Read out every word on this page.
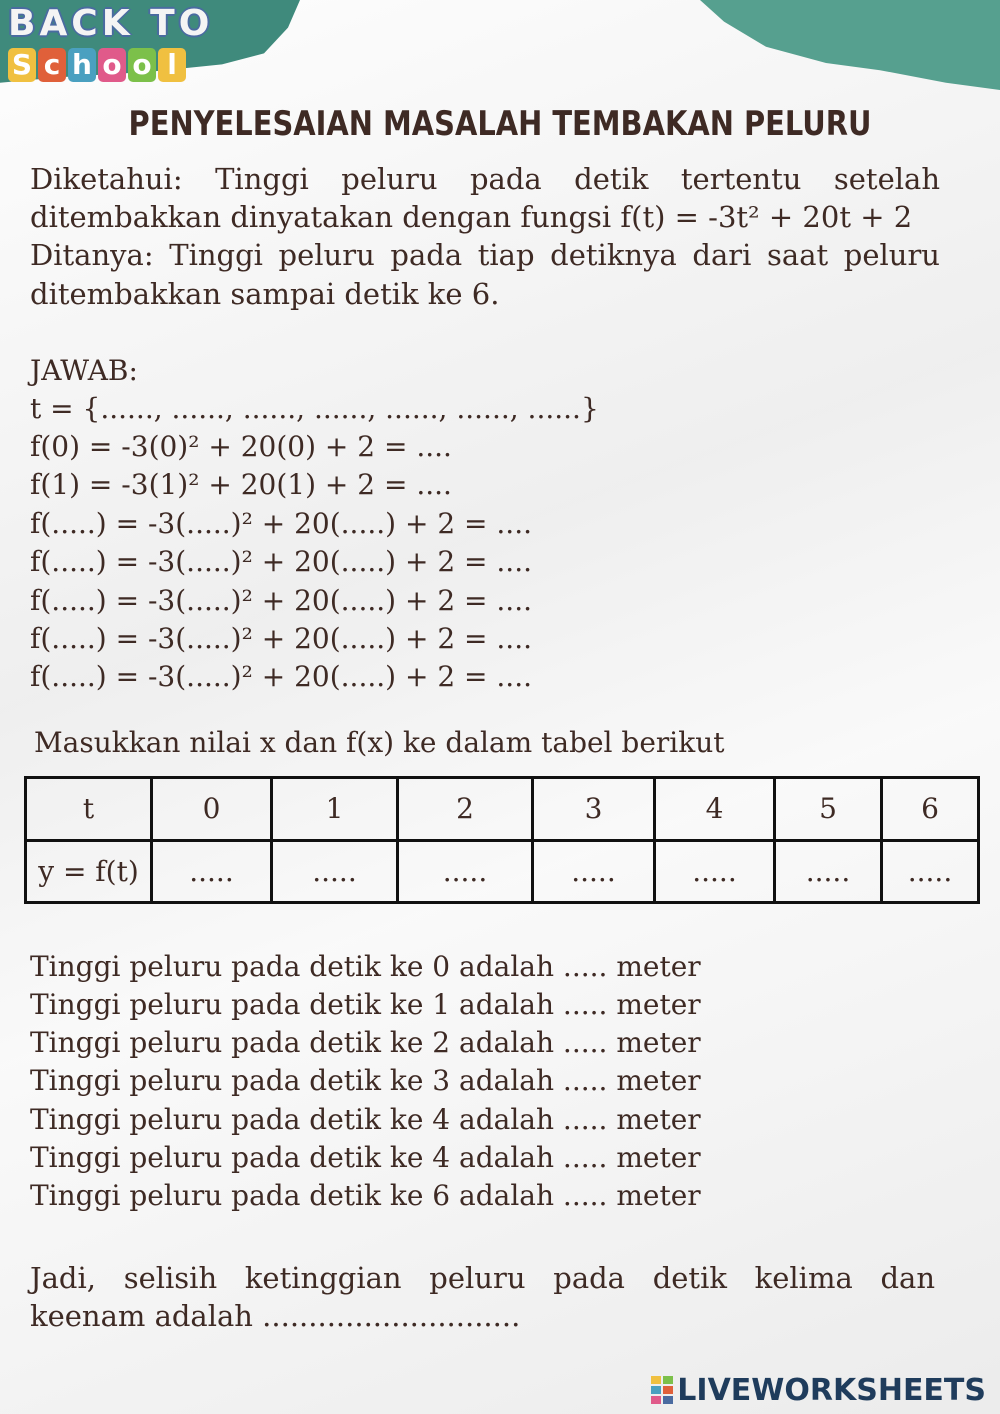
BACK TO
S c h o o l
PENYELESAIAN MASALAH TEMBAKAN PELURU
Diketahui: Tinggi peluru pada detik tertentu setelah
ditembakkan dinyatakan dengan fungsi f(t) = -3t² + 20t + 2
Ditanya: Tinggi peluru pada tiap detiknya dari saat peluru
ditembakkan sampai detik ke 6.
JAWAB:
t = {......, ......, ......, ......, ......, ......, ......}
f(0) = -3(0)² + 20(0) + 2 = ....
f(1) = -3(1)² + 20(1) + 2 = ....
f(.....) = -3(.....)² + 20(.....) + 2 = ....
f(.....) = -3(.....)² + 20(.....) + 2 = ....
f(.....) = -3(.....)² + 20(.....) + 2 = ....
f(.....) = -3(.....)² + 20(.....) + 2 = ....
f(.....) = -3(.....)² + 20(.....) + 2 = ....
Masukkan nilai x dan f(x) ke dalam tabel berikut
t	0	1	2	3	4	5	6
y = f(t)	.....	.....	.....	.....	.....	.....	.....
Tinggi peluru pada detik ke 0 adalah ..... meter
Tinggi peluru pada detik ke 1 adalah ..... meter
Tinggi peluru pada detik ke 2 adalah ..... meter
Tinggi peluru pada detik ke 3 adalah ..... meter
Tinggi peluru pada detik ke 4 adalah ..... meter
Tinggi peluru pada detik ke 4 adalah ..... meter
Tinggi peluru pada detik ke 6 adalah ..... meter
Jadi, selisih ketinggian peluru pada detik kelima dan
keenam adalah ............................
LIVEWORKSHEETS
